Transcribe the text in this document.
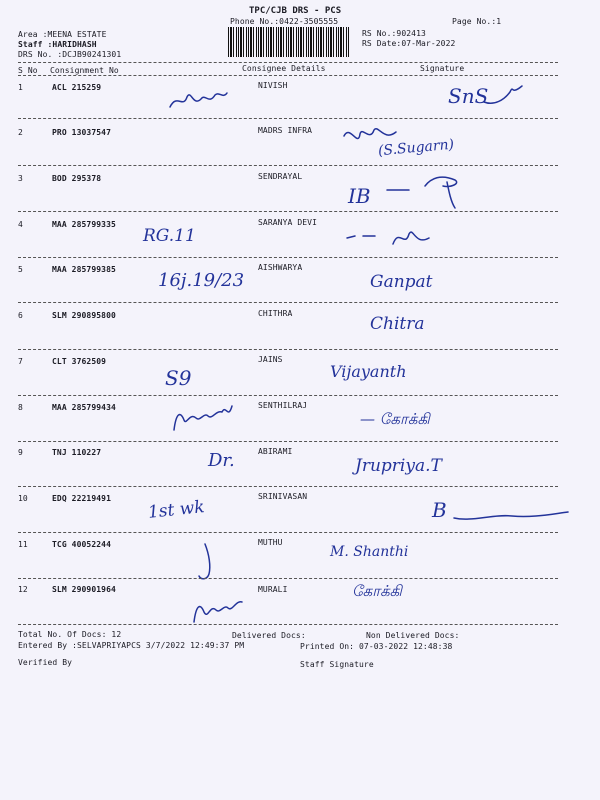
TPC/CJB DRS - PCS
Phone No.:0422-3505555	Page No.:1
Area :MEENA ESTATE
Staff :HARIDHASH
DRS No. :DCJB90241301
RS No.:902413
RS Date:07-Mar-2022
S No Consignment No	Consignee Details	Signature
1	ACL 215259	NIVISH	SnS
2	PRO 13037547	MADRS INFRA
(S.Sugarn)
3	BOD 295378	SENDRAYAL
IB
4	MAA 285799335	SARANYA DEVI
RG.11
5	MAA 285799385	AISHWARYA
16j.19/23	Ganpat
6	SLM 290895800	CHITHRA
Chitra
7	CLT 3762509	JAINS
S9	Vijayanth
8	MAA 285799434	SENTHILRAJ
— கோக்கி
9	TNJ 110227	ABIRAMI
Dr.	Jrupriya.T
10	EDQ 22219491	SRINIVASAN
1st wk	B
11	TCG 40052244	MUTHU
M. Shanthi
12	SLM 290901964	MURALI	கோக்கி
Total No. Of Docs: 12	Delivered Docs:	Non Delivered Docs:
Entered By :SELVAPRIYAPCS 3/7/2022 12:49:37 PM	Printed On: 07-03-2022 12:48:38
Verified By	Staff Signature
